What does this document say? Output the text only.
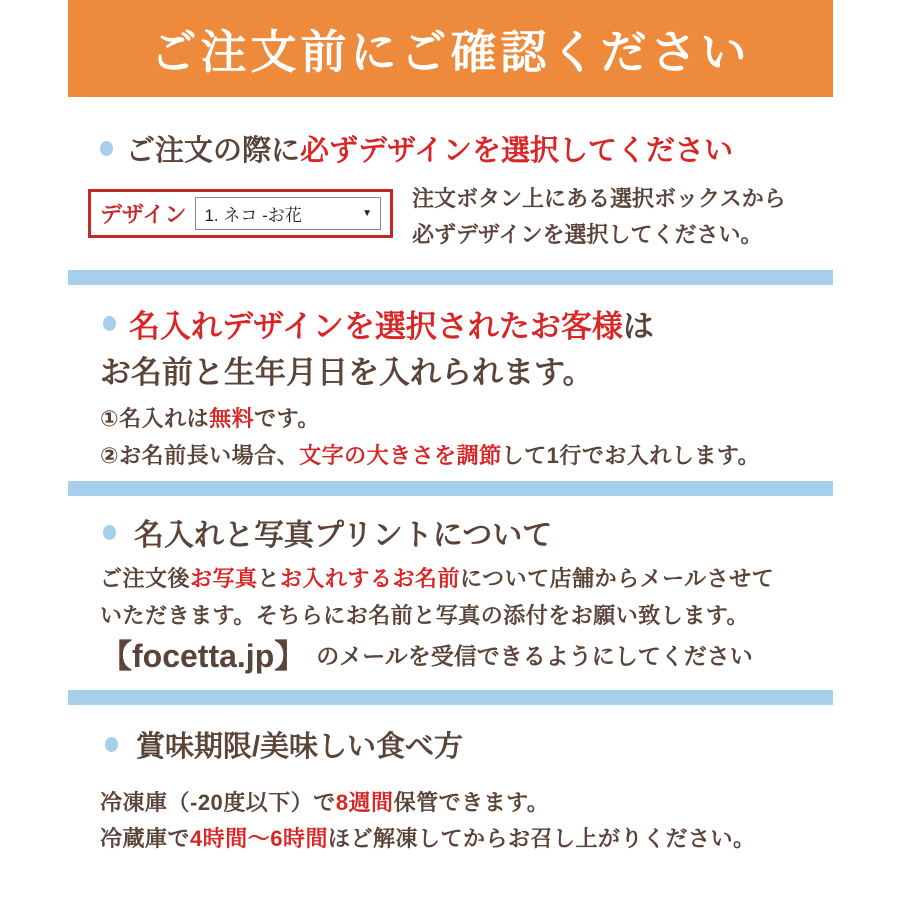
ご注文前にご確認ください
ご注文の際に必ずデザインを選択してください
デザイン 1. ネコ -お花	▼
注文ボタン上にある選択ボックスから
必ずデザインを選択してください。
名入れデザインを選択されたお客様は
お名前と生年月日を入れられます。
①名入れは無料です。
②お名前長い場合、文字の大きさを調節して1行でお入れします。
名入れと写真プリントについて
ご注文後お写真とお入れするお名前について店舗からメールさせて
いただきます。そちらにお名前と写真の添付をお願い致します。
【focetta.jp】 のメールを受信できるようにしてください
賞味期限/美味しい食べ方
冷凍庫（-20度以下）で8週間保管できます。
冷蔵庫で4時間〜6時間ほど解凍してからお召し上がりください。
